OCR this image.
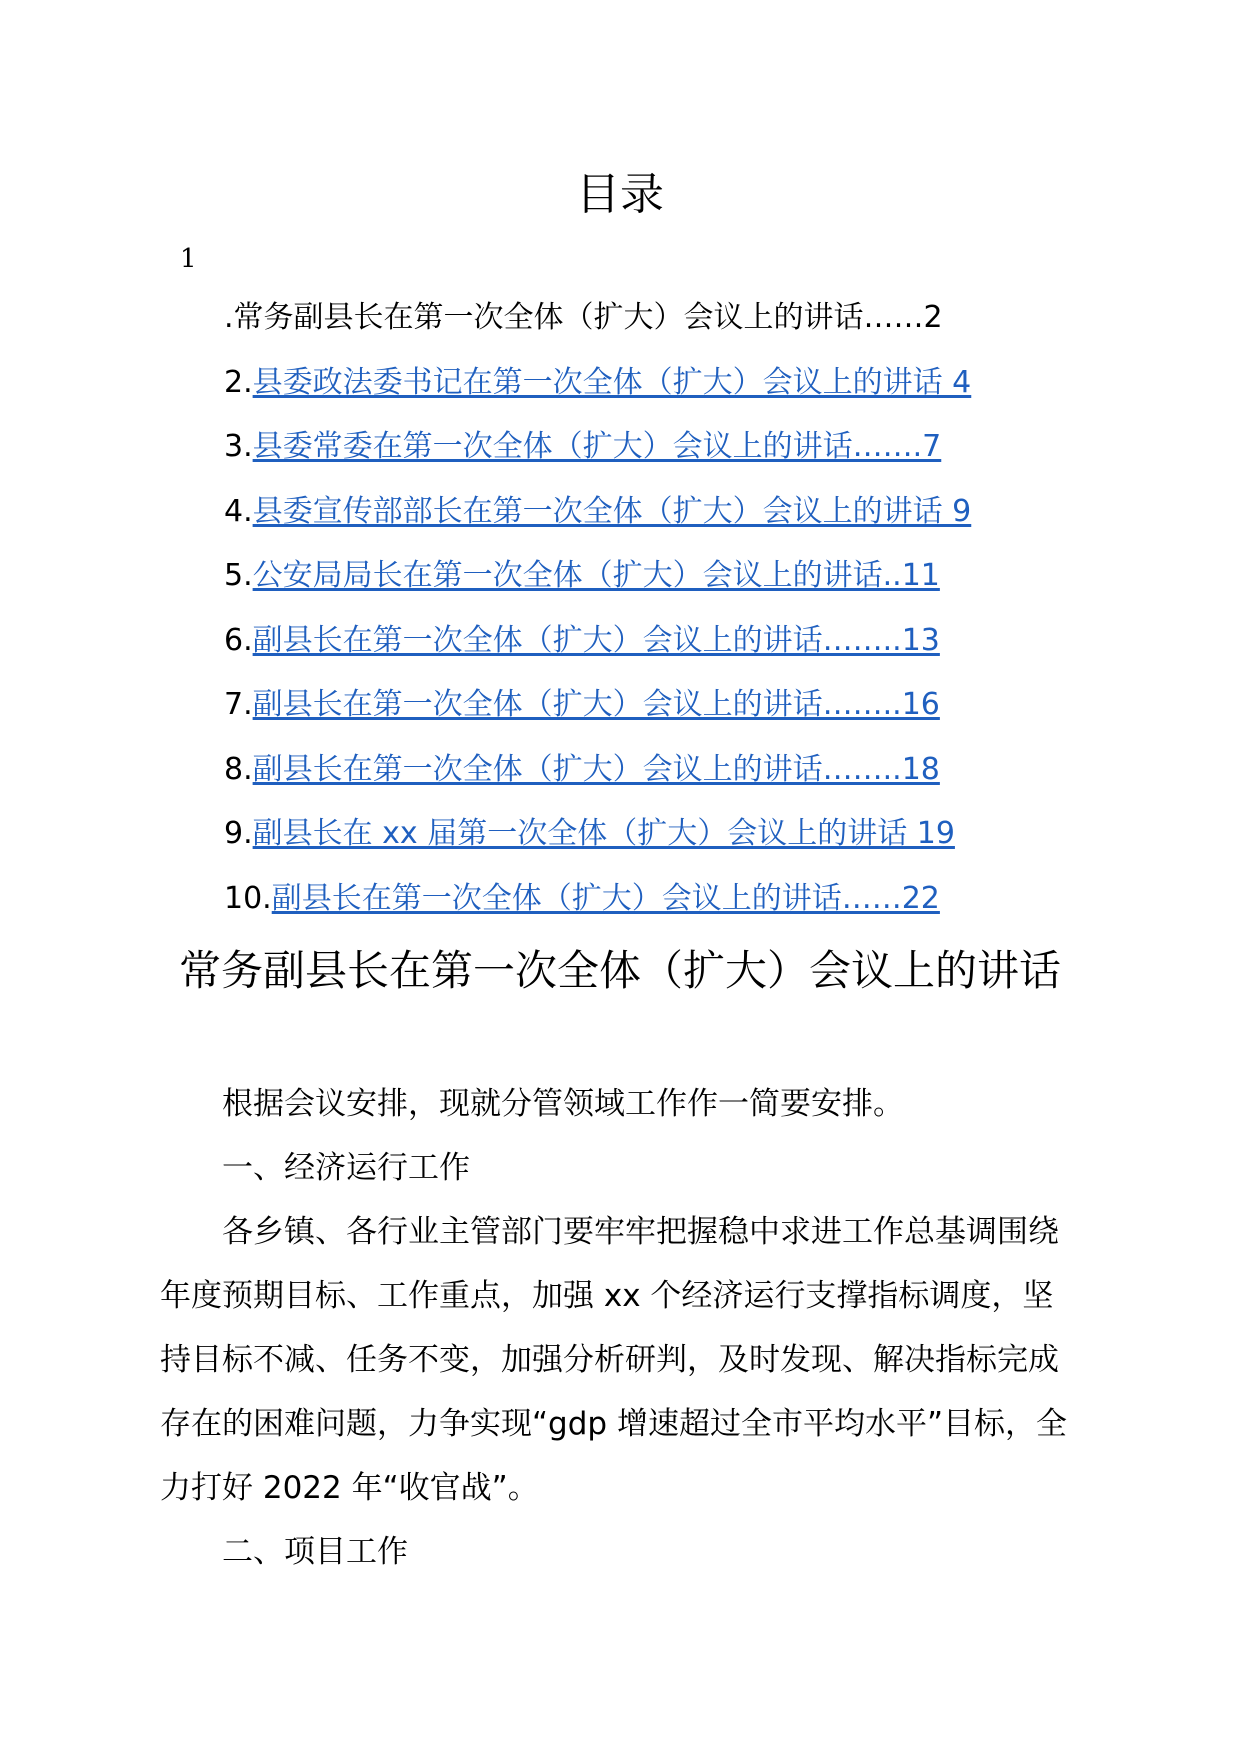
目录
1
.常务副县长在第一次全体（扩大）会议上的讲话……2
2.县委政法委书记在第一次全体（扩大）会议上的讲话 4
3.县委常委在第一次全体（扩大）会议上的讲话…….7
4.县委宣传部部长在第一次全体（扩大）会议上的讲话 9
5.公安局局长在第一次全体（扩大）会议上的讲话..11
6.副县长在第一次全体（扩大）会议上的讲话……..13
7.副县长在第一次全体（扩大）会议上的讲话……..16
8.副县长在第一次全体（扩大）会议上的讲话……..18
9.副县长在 xx 届第一次全体（扩大）会议上的讲话 19
10.副县长在第一次全体（扩大）会议上的讲话……22
常务副县长在第一次全体（扩大）会议上的讲话

根据会议安排，现就分管领域工作作一简要安排。

一、经济运行工作

各乡镇、各行业主管部门要牢牢把握稳中求进工作总基调围绕年度预期目标、工作重点，加强 xx 个经济运行支撑指标调度，坚持目标不减、任务不变，加强分析研判，及时发现、解决指标完成存在的困难问题，力争实现“gdp 增速超过全市平均水平”目标，全力打好 2022 年“收官战”。

二、项目工作
